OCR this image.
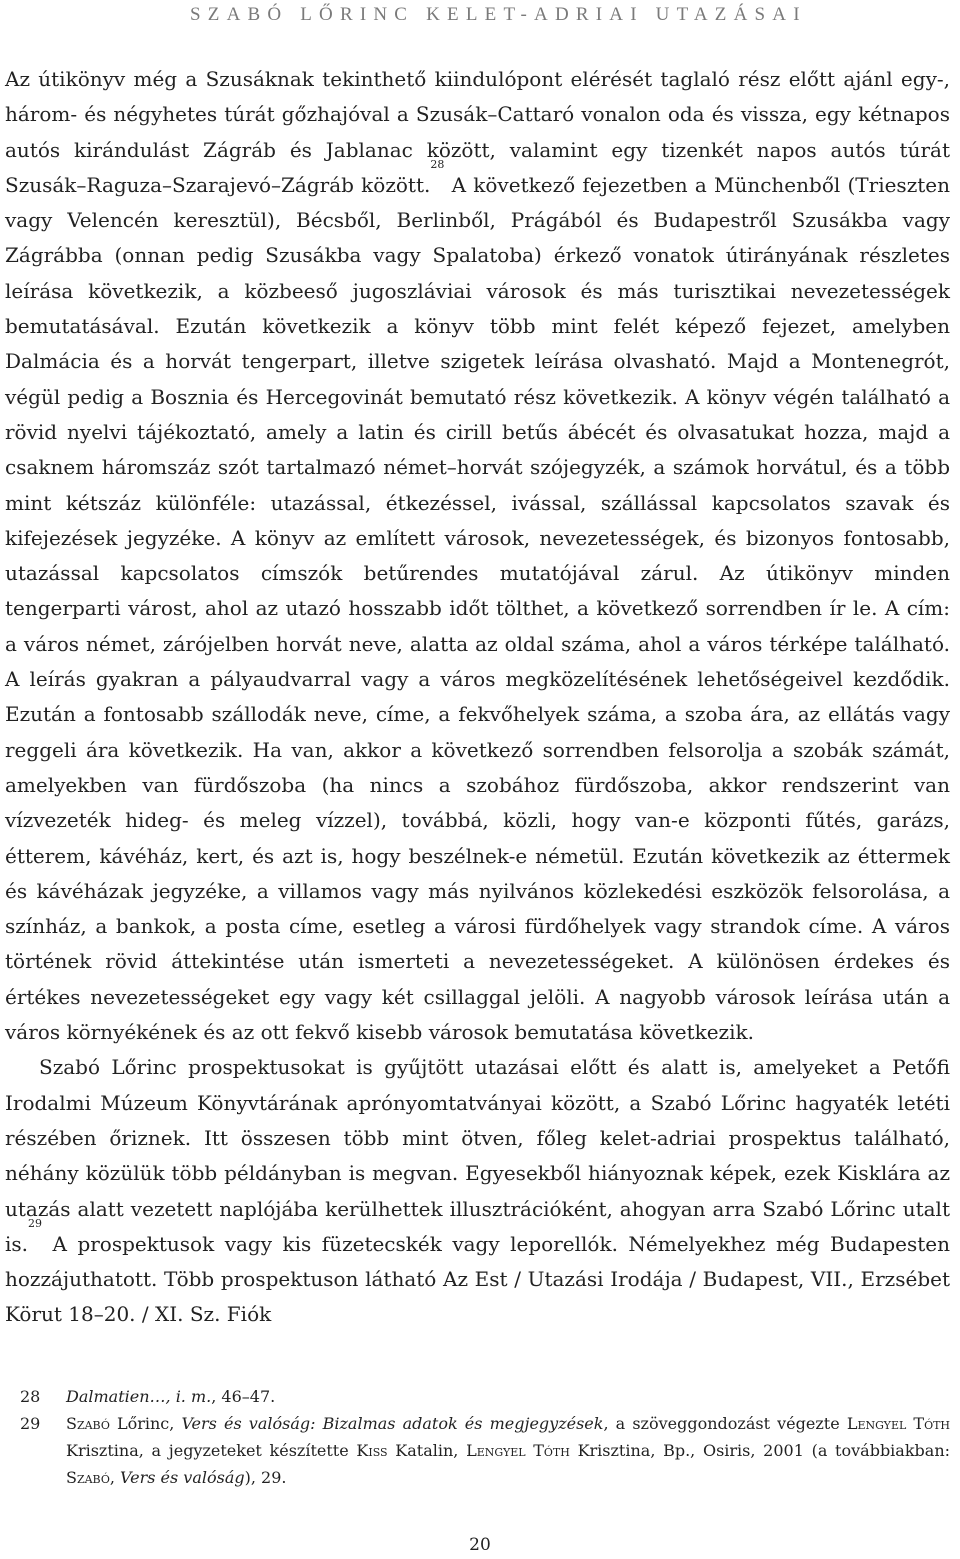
SZABÓ LŐRINC KELET-ADRIAI UTAZÁSAI

Az útikönyv még a Szusáknak tekinthető kiindulópont elérését taglaló rész előtt ajánl egy-, három- és négyhetes túrát gőzhajóval a Szusák–Cattaró vonalon oda és vissza, egy kétnapos autós kirándulást Zágráb és Jablanac között, valamint egy tizenkét napos autós túrát Szusák–Raguza–Szarajevó–Zágráb között.$^{28}$ A következő fejezetben a Münchenből (Trieszten vagy Velencén keresztül), Bécsből, Berlinből, Prágából és Budapestről Szusákba vagy Zágrábba (onnan pedig Szusákba vagy Spalatoba) érkező vonatok útirányának részletes leírása következik, a közbeeső jugoszláviai városok és más turisztikai nevezetességek bemutatásával. Ezután következik a könyv több mint felét képező fejezet, amelyben Dalmácia és a horvát tengerpart, illetve szigetek leírása olvasható. Majd a Montenegrót, végül pedig a Bosznia és Hercegovinát bemutató rész következik. A könyv végén található a rövid nyelvi tájékoztató, amely a latin és cirill betűs ábécét és olvasatukat hozza, majd a csaknem háromszáz szót tartalmazó német–horvát szójegyzék, a számok horvátul, és a több mint kétszáz különféle: utazással, étkezéssel, ivással, szállással kapcsolatos szavak és kifejezések jegyzéke. A könyv az említett városok, nevezetességek, és bizonyos fontosabb, utazással kapcsolatos címszók betűrendes mutatójával zárul. Az útikönyv minden tengerparti várost, ahol az utazó hosszabb időt tölthet, a következő sorrendben ír le. A cím: a város német, zárójelben horvát neve, alatta az oldal száma, ahol a város térképe található. A leírás gyakran a pályaudvarral vagy a város megközelítésének lehetőségeivel kezdődik. Ezután a fontosabb szállodák neve, címe, a fekvőhelyek száma, a szoba ára, az ellátás vagy reggeli ára következik. Ha van, akkor a következő sorrendben felsorolja a szobák számát, amelyekben van fürdőszoba (ha nincs a szobához fürdőszoba, akkor rendszerint van vízvezeték hideg- és meleg vízzel), továbbá, közli, hogy van-e központi fűtés, garázs, étterem, kávéház, kert, és azt is, hogy beszélnek-e németül. Ezután következik az éttermek és kávéházak jegyzéke, a villamos vagy más nyilvános közlekedési eszközök felsorolása, a színház, a bankok, a posta címe, esetleg a városi fürdőhelyek vagy strandok címe. A város történek rövid áttekintése után ismerteti a nevezetességeket. A különösen érdekes és értékes nevezetességeket egy vagy két csillaggal jelöli. A nagyobb városok leírása után a város környékének és az ott fekvő kisebb városok bemutatása következik.

Szabó Lőrinc prospektusokat is gyűjtött utazásai előtt és alatt is, amelyeket a Petőfi Irodalmi Múzeum Könyvtárának aprónyomtatványai között, a Szabó Lőrinc hagyaték letéti részében őriznek. Itt összesen több mint ötven, főleg kelet-adriai prospektus található, néhány közülük több példányban is megvan. Egyesekből hiányoznak képek, ezek Kisklára az utazás alatt vezetett naplójába kerülhettek illusztrációként, ahogyan arra Szabó Lőrinc utalt is.$^{29}$ A prospektusok vagy kis füzetecskék vagy leporellók. Némelyekhez még Budapesten hozzájuthatott. Több prospektuson látható Az Est / Utazási Irodája / Budapest, VII., Erzsébet Körut 18–20. / XI. Sz. Fiók

28	Dalmatien…, i. m., 46–47.
29	Szabó Lőrinc, Vers és valóság: Bizalmas adatok és megjegyzések, a szöveggondozást végezte Lengyel Tóth Krisztina, a jegyzeteket készítette Kiss Katalin, Lengyel Tóth Krisztina, Bp., Osiris, 2001 (a továbbiakban: Szabó, Vers és valóság), 29.
20
